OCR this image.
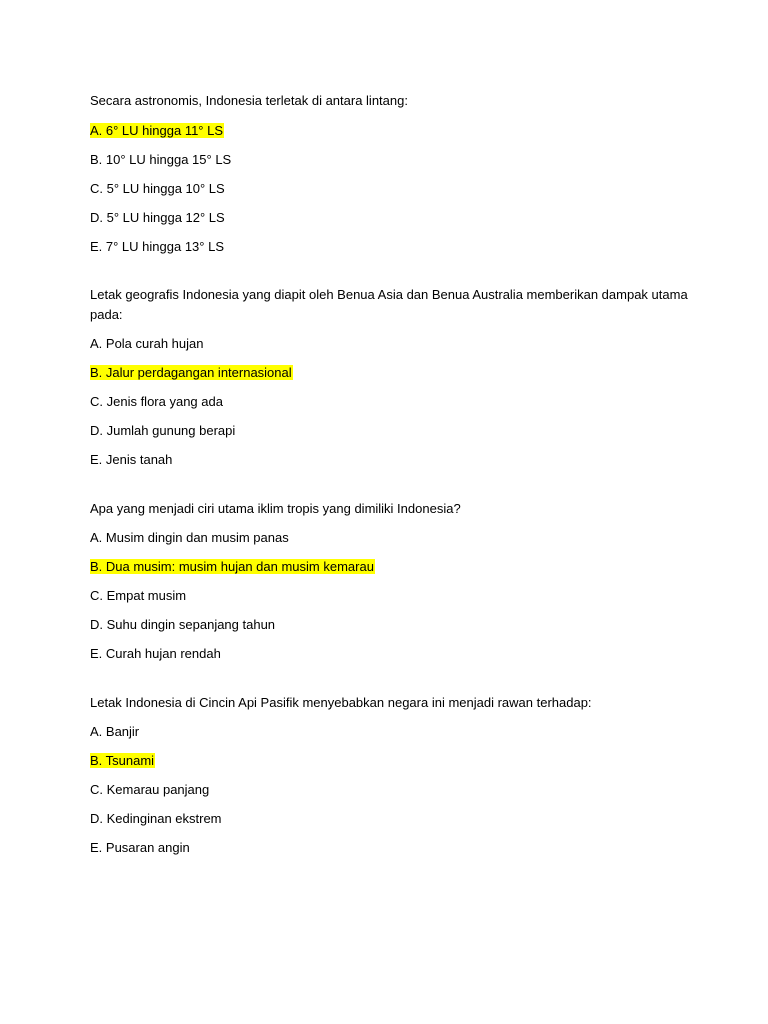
Secara astronomis, Indonesia terletak di antara lintang:

A. 6° LU hingga 11° LS

B. 10° LU hingga 15° LS

C. 5° LU hingga 10° LS

D. 5° LU hingga 12° LS

E. 7° LU hingga 13° LS

Letak geografis Indonesia yang diapit oleh Benua Asia dan Benua Australia memberikan dampak utama pada:

A. Pola curah hujan

B. Jalur perdagangan internasional

C. Jenis flora yang ada

D. Jumlah gunung berapi

E. Jenis tanah

Apa yang menjadi ciri utama iklim tropis yang dimiliki Indonesia?

A. Musim dingin dan musim panas

B. Dua musim: musim hujan dan musim kemarau

C. Empat musim

D. Suhu dingin sepanjang tahun

E. Curah hujan rendah

Letak Indonesia di Cincin Api Pasifik menyebabkan negara ini menjadi rawan terhadap:

A. Banjir

B. Tsunami

C. Kemarau panjang

D. Kedinginan ekstrem

E. Pusaran angin
